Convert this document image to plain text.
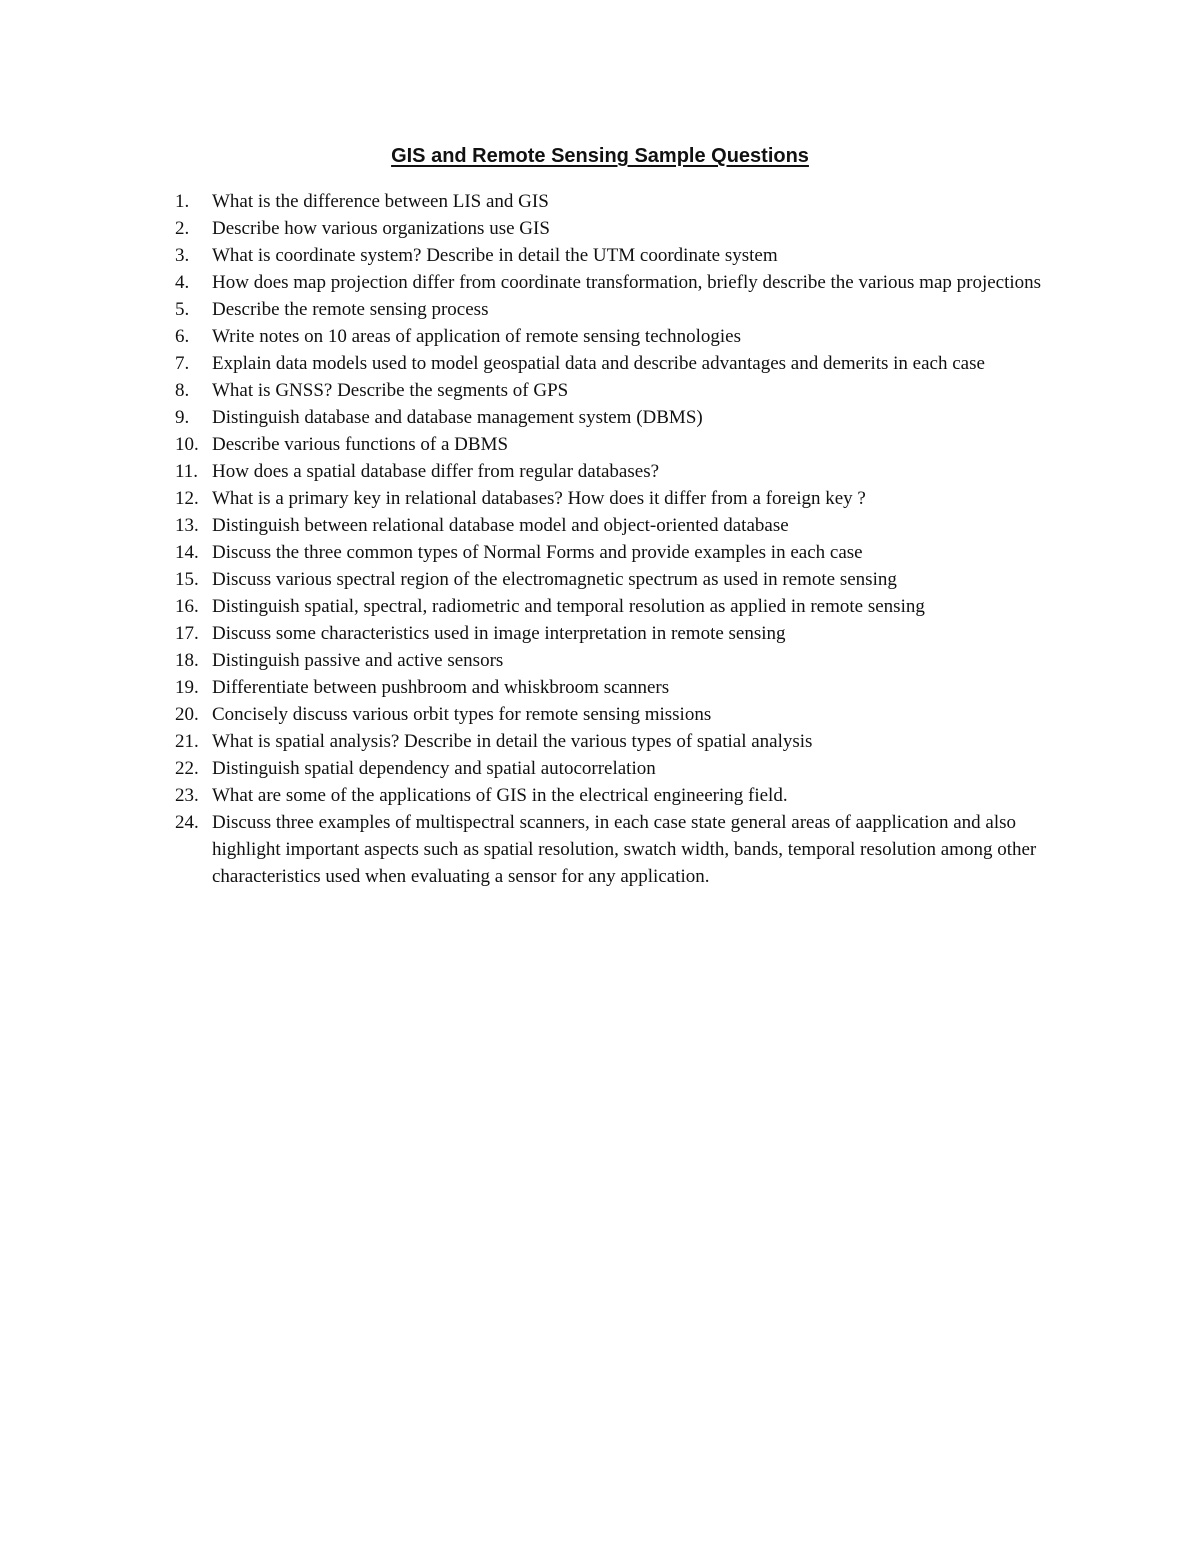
GIS and Remote Sensing Sample Questions
1.	What is the difference between LIS and GIS
2.	Describe how various organizations use GIS
3.	What is coordinate system? Describe in detail the UTM coordinate system
4.	How does map projection differ from coordinate transformation, briefly describe the various map projections
5.	Describe the remote sensing process
6.	Write notes on 10 areas of application of remote sensing technologies
7.	Explain data models used to model geospatial data and describe advantages and demerits in each case
8.	What is GNSS? Describe the segments of GPS
9.	Distinguish database and database management system (DBMS)
10. Describe various functions of a DBMS
11. How does a spatial database differ from regular databases?
12. What is a primary key in relational databases? How does it differ from a foreign key ?
13. Distinguish between relational database model and object-oriented database
14. Discuss the three common types of Normal Forms and provide examples in each case
15. Discuss various spectral region of the electromagnetic spectrum as used in remote sensing
16. Distinguish spatial, spectral, radiometric and temporal resolution as applied in remote sensing
17. Discuss some characteristics used in image interpretation in remote sensing
18. Distinguish passive and active sensors
19. Differentiate between pushbroom and whiskbroom scanners
20. Concisely discuss various orbit types for remote sensing missions
21. What is spatial analysis? Describe in detail the various types of spatial analysis
22. Distinguish spatial dependency and spatial autocorrelation
23. What are some of the applications of GIS in the electrical engineering field.
24. Discuss three examples of multispectral scanners, in each case state general areas of aapplication and also highlight important aspects such as spatial resolution, swatch width, bands, temporal resolution among other characteristics used when evaluating a sensor for any application.
